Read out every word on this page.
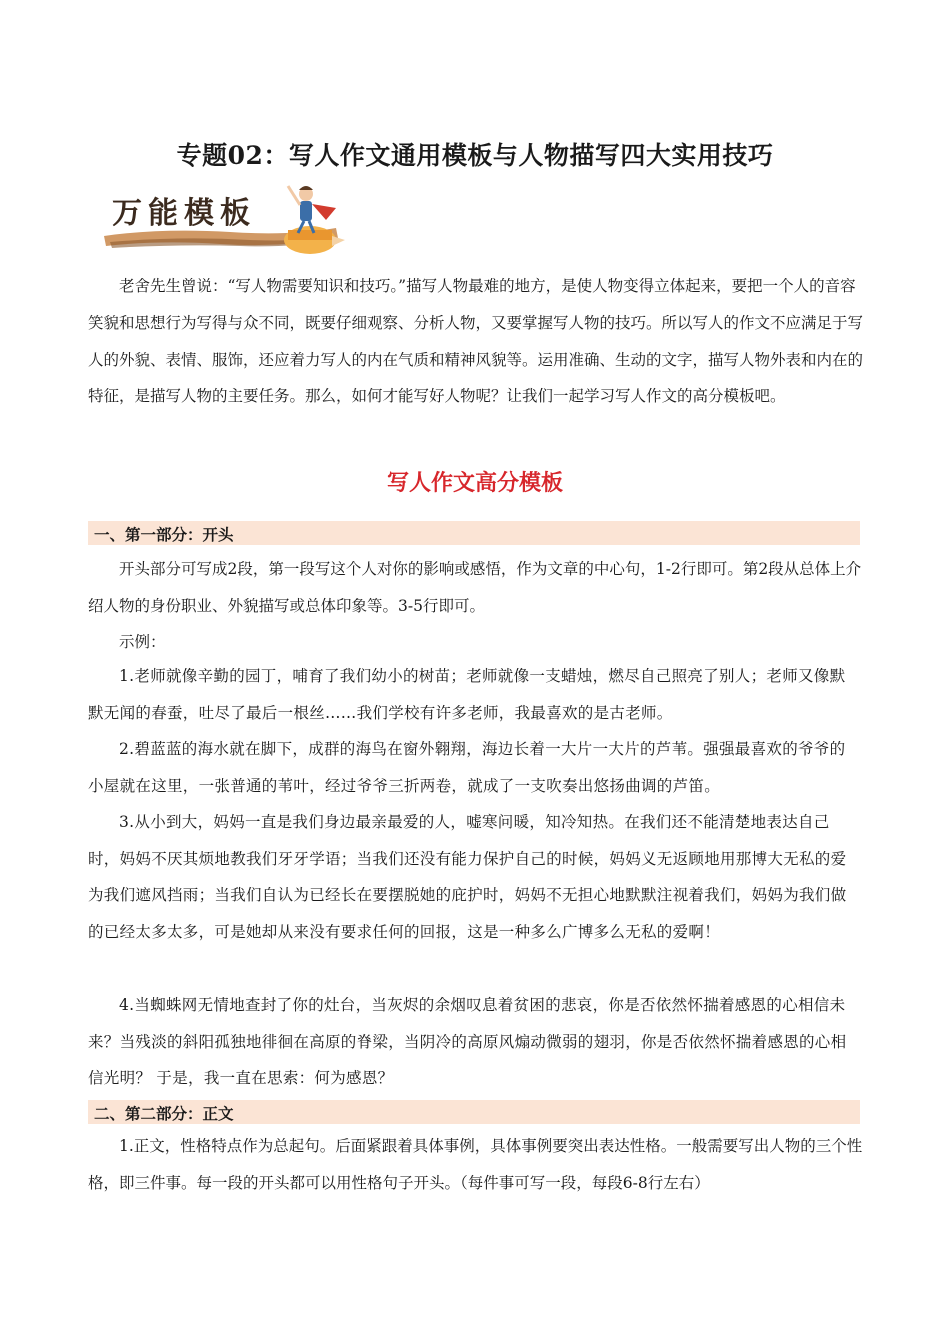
专题02：写人作文通用模板与人物描写四大实用技巧
万能模板
老舍先生曾说：“写人物需要知识和技巧。”描写人物最难的地方，是使人物变得立体起来，要把一个人的音容笑貌和思想行为写得与众不同，既要仔细观察、分析人物，又要掌握写人物的技巧。所以写人的作文不应满足于写人的外貌、表情、服饰，还应着力写人的内在气质和精神风貌等。运用准确、生动的文字，描写人物外表和内在的特征，是描写人物的主要任务。那么，如何才能写好人物呢？让我们一起学习写人作文的高分模板吧。
写人作文高分模板
一、第一部分：开头
开头部分可写成2段，第一段写这个人对你的影响或感悟，作为文章的中心句，1-2行即可。第2段从总体上介绍人物的身份职业、外貌描写或总体印象等。3-5行即可。
示例：
1.老师就像辛勤的园丁，哺育了我们幼小的树苗；老师就像一支蜡烛，燃尽自己照亮了别人；老师又像默默无闻的春蚕，吐尽了最后一根丝……我们学校有许多老师，我最喜欢的是古老师。
2.碧蓝蓝的海水就在脚下，成群的海鸟在窗外翱翔，海边长着一大片一大片的芦苇。强强最喜欢的爷爷的小屋就在这里，一张普通的苇叶，经过爷爷三折两卷，就成了一支吹奏出悠扬曲调的芦笛。
3.从小到大，妈妈一直是我们身边最亲最爱的人，嘘寒问暖，知冷知热。在我们还不能清楚地表达自己时，妈妈不厌其烦地教我们牙牙学语；当我们还没有能力保护自己的时候，妈妈义无返顾地用那博大无私的爱为我们遮风挡雨；当我们自认为已经长在要摆脱她的庇护时，妈妈不无担心地默默注视着我们，妈妈为我们做的已经太多太多，可是她却从来没有要求任何的回报，这是一种多么广博多么无私的爱啊！
4.当蜘蛛网无情地查封了你的灶台，当灰烬的余烟叹息着贫困的悲哀，你是否依然怀揣着感恩的心相信未来？当残淡的斜阳孤独地徘徊在高原的脊梁，当阴冷的高原风煽动微弱的翅羽，你是否依然怀揣着感恩的心相信光明？ 于是，我一直在思索：何为感恩？
二、第二部分：正文
1.正文，性格特点作为总起句。后面紧跟着具体事例，具体事例要突出表达性格。一般需要写出人物的三个性格，即三件事。每一段的开头都可以用性格句子开头。（每件事可写一段，每段6-8行左右）
